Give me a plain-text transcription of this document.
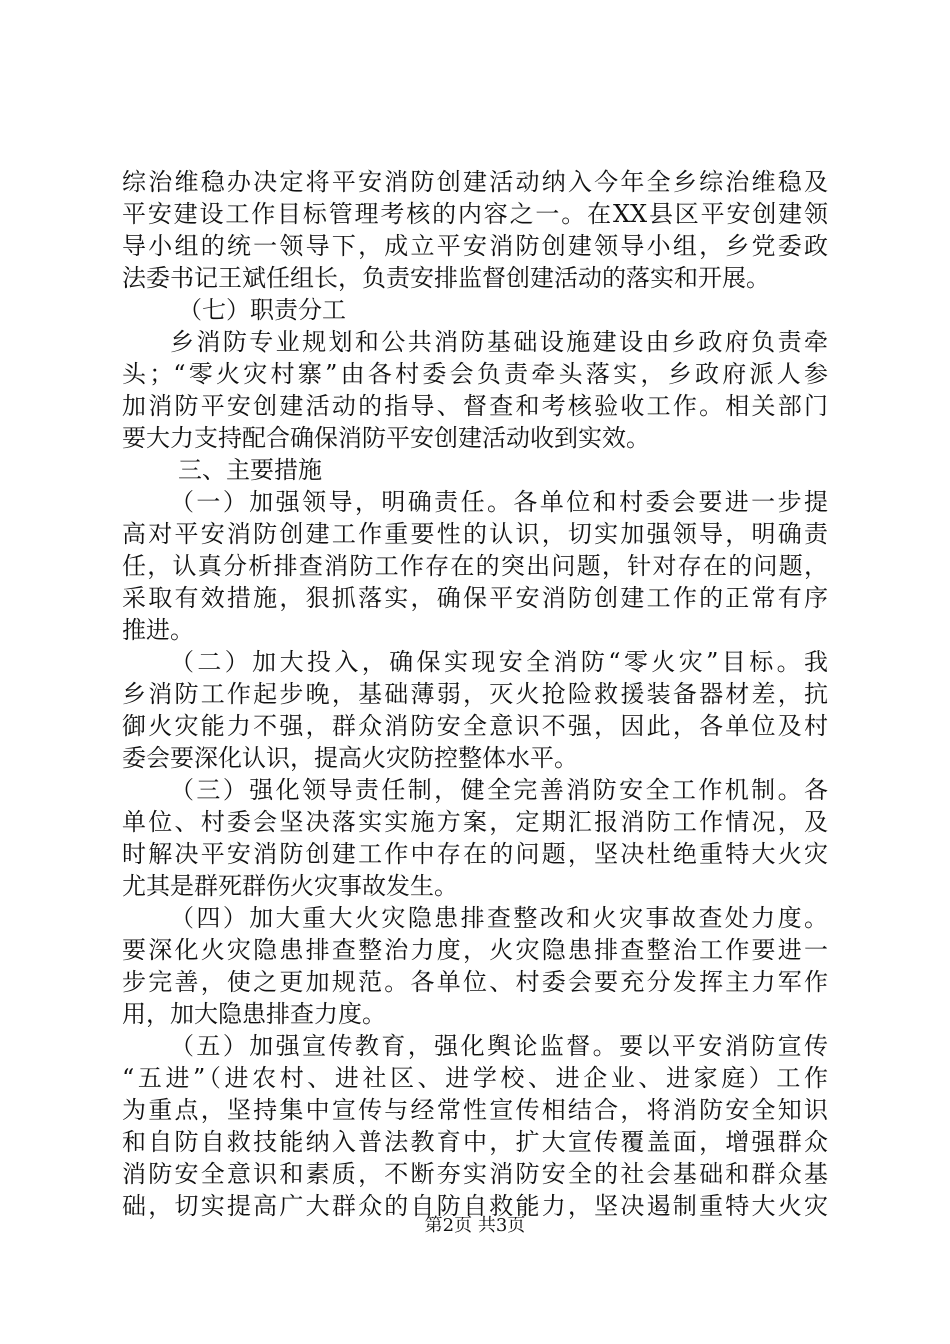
综治维稳办决定将平安消防创建活动纳入今年全乡综治维稳及
平安建设工作目标管理考核的内容之一。在XX县区平安创建领
导小组的统一领导下，成立平安消防创建领导小组，乡党委政
法委书记王斌任组长，负责安排监督创建活动的落实和开展。
（七）职责分工
乡消防专业规划和公共消防基础设施建设由乡政府负责牵
头；“零火灾村寨”由各村委会负责牵头落实，乡政府派人参
加消防平安创建活动的指导、督查和考核验收工作。相关部门
要大力支持配合确保消防平安创建活动收到实效。
三、主要措施
（一）加强领导，明确责任。各单位和村委会要进一步提
高对平安消防创建工作重要性的认识，切实加强领导，明确责
任，认真分析排查消防工作存在的突出问题，针对存在的问题，
采取有效措施，狠抓落实，确保平安消防创建工作的正常有序
推进。
（二）加大投入，确保实现安全消防“零火灾”目标。我
乡消防工作起步晚，基础薄弱，灭火抢险救援装备器材差，抗
御火灾能力不强，群众消防安全意识不强，因此，各单位及村
委会要深化认识，提高火灾防控整体水平。
（三）强化领导责任制，健全完善消防安全工作机制。各
单位、村委会坚决落实实施方案，定期汇报消防工作情况，及
时解决平安消防创建工作中存在的问题，坚决杜绝重特大火灾
尤其是群死群伤火灾事故发生。
（四）加大重大火灾隐患排查整改和火灾事故查处力度。
要深化火灾隐患排查整治力度，火灾隐患排查整治工作要进一
步完善，使之更加规范。各单位、村委会要充分发挥主力军作
用，加大隐患排查力度。
（五）加强宣传教育，强化舆论监督。要以平安消防宣传
“五进”（进农村、进社区、进学校、进企业、进家庭）工作
为重点，坚持集中宣传与经常性宣传相结合，将消防安全知识
和自防自救技能纳入普法教育中，扩大宣传覆盖面，增强群众
消防安全意识和素质，不断夯实消防安全的社会基础和群众基
础，切实提高广大群众的自防自救能力，坚决遏制重特大火灾
第2页 共3页
